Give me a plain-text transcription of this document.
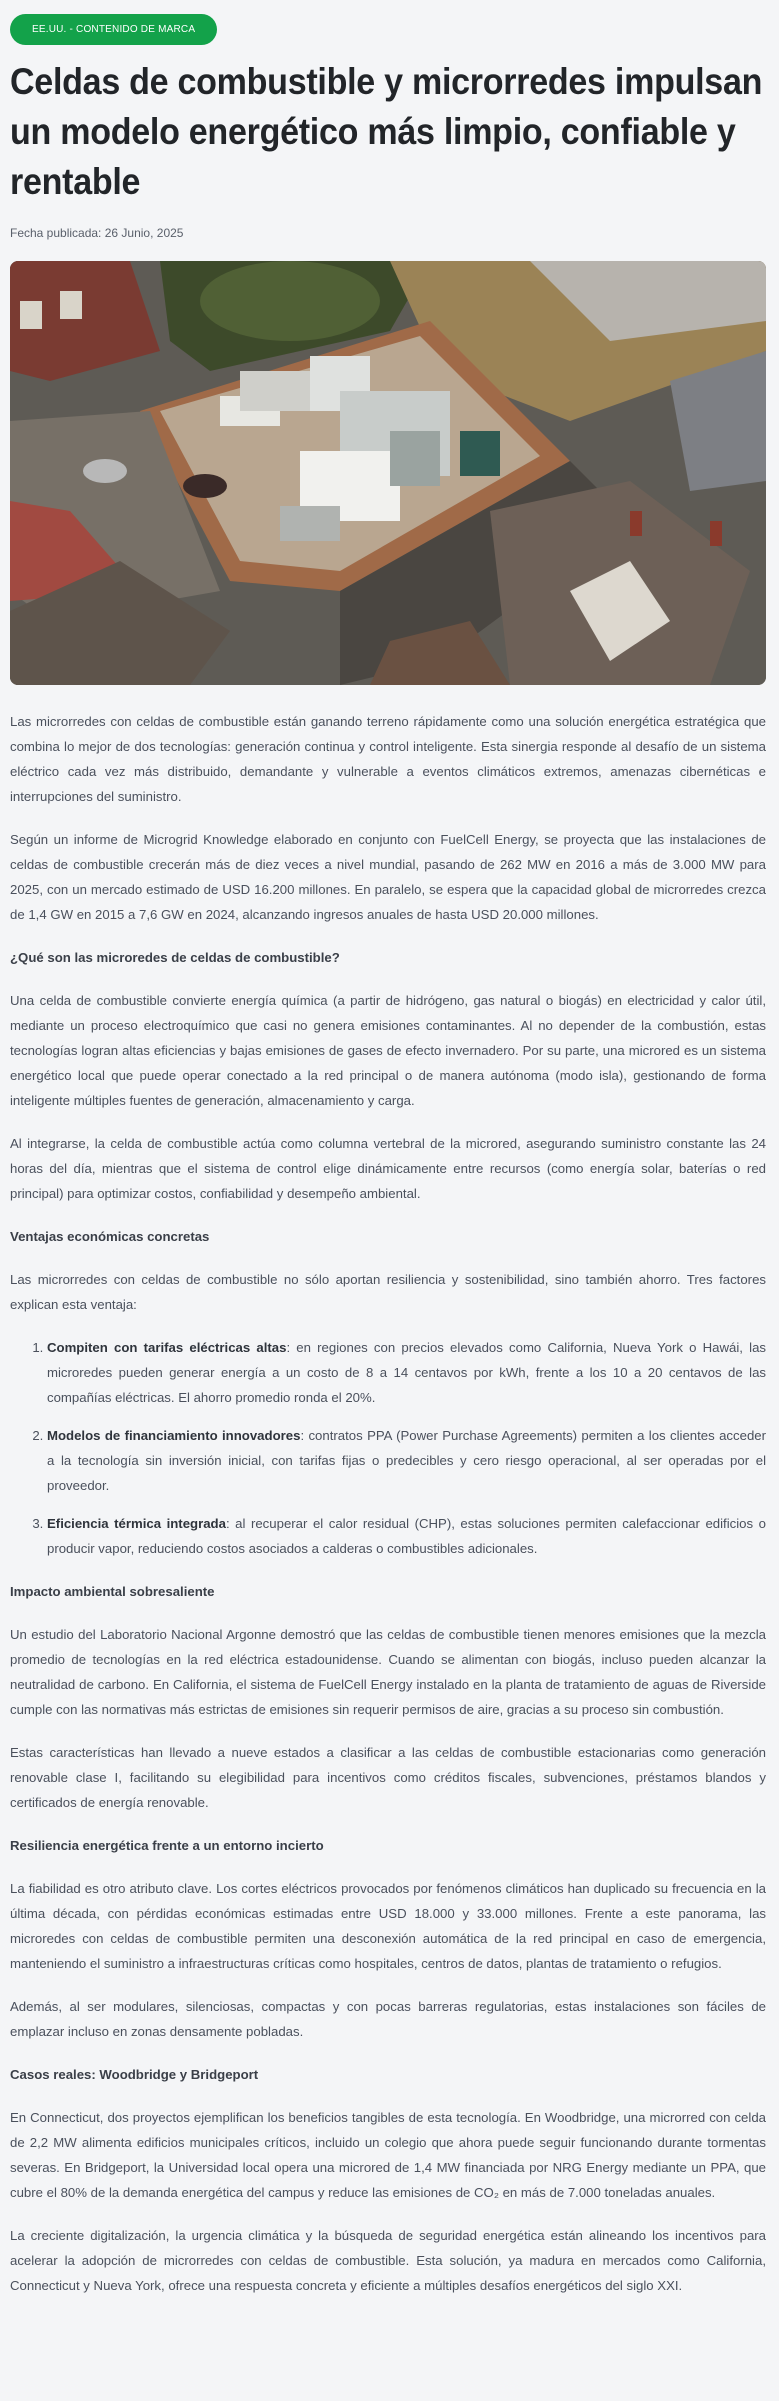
EE.UU. - CONTENIDO DE MARCA
Celdas de combustible y microrredes impulsan un modelo energético más limpio, confiable y rentable

Fecha publicada: 26 Junio, 2025

Las microrredes con celdas de combustible están ganando terreno rápidamente como una solución energética estratégica que combina lo mejor de dos tecnologías: generación continua y control inteligente. Esta sinergia responde al desafío de un sistema eléctrico cada vez más distribuido, demandante y vulnerable a eventos climáticos extremos, amenazas cibernéticas e interrupciones del suministro.

Según un informe de Microgrid Knowledge elaborado en conjunto con FuelCell Energy, se proyecta que las instalaciones de celdas de combustible crecerán más de diez veces a nivel mundial, pasando de 262 MW en 2016 a más de 3.000 MW para 2025, con un mercado estimado de USD 16.200 millones. En paralelo, se espera que la capacidad global de microrredes crezca de 1,4 GW en 2015 a 7,6 GW en 2024, alcanzando ingresos anuales de hasta USD 20.000 millones.

¿Qué son las microredes de celdas de combustible?

Una celda de combustible convierte energía química (a partir de hidrógeno, gas natural o biogás) en electricidad y calor útil, mediante un proceso electroquímico que casi no genera emisiones contaminantes. Al no depender de la combustión, estas tecnologías logran altas eficiencias y bajas emisiones de gases de efecto invernadero. Por su parte, una microred es un sistema energético local que puede operar conectado a la red principal o de manera autónoma (modo isla), gestionando de forma inteligente múltiples fuentes de generación, almacenamiento y carga.

Al integrarse, la celda de combustible actúa como columna vertebral de la microred, asegurando suministro constante las 24 horas del día, mientras que el sistema de control elige dinámicamente entre recursos (como energía solar, baterías o red principal) para optimizar costos, confiabilidad y desempeño ambiental.

Ventajas económicas concretas

Las microrredes con celdas de combustible no sólo aportan resiliencia y sostenibilidad, sino también ahorro. Tres factores explican esta ventaja:

1. Compiten con tarifas eléctricas altas: en regiones con precios elevados como California, Nueva York o Hawái, las microredes pueden generar energía a un costo de 8 a 14 centavos por kWh, frente a los 10 a 20 centavos de las compañías eléctricas. El ahorro promedio ronda el 20%.
2. Modelos de financiamiento innovadores: contratos PPA (Power Purchase Agreements) permiten a los clientes acceder a la tecnología sin inversión inicial, con tarifas fijas o predecibles y cero riesgo operacional, al ser operadas por el proveedor.
3. Eficiencia térmica integrada: al recuperar el calor residual (CHP), estas soluciones permiten calefaccionar edificios o producir vapor, reduciendo costos asociados a calderas o combustibles adicionales.
Impacto ambiental sobresaliente

Un estudio del Laboratorio Nacional Argonne demostró que las celdas de combustible tienen menores emisiones que la mezcla promedio de tecnologías en la red eléctrica estadounidense. Cuando se alimentan con biogás, incluso pueden alcanzar la neutralidad de carbono. En California, el sistema de FuelCell Energy instalado en la planta de tratamiento de aguas de Riverside cumple con las normativas más estrictas de emisiones sin requerir permisos de aire, gracias a su proceso sin combustión.

Estas características han llevado a nueve estados a clasificar a las celdas de combustible estacionarias como generación renovable clase I, facilitando su elegibilidad para incentivos como créditos fiscales, subvenciones, préstamos blandos y certificados de energía renovable.

Resiliencia energética frente a un entorno incierto

La fiabilidad es otro atributo clave. Los cortes eléctricos provocados por fenómenos climáticos han duplicado su frecuencia en la última década, con pérdidas económicas estimadas entre USD 18.000 y 33.000 millones. Frente a este panorama, las microredes con celdas de combustible permiten una desconexión automática de la red principal en caso de emergencia, manteniendo el suministro a infraestructuras críticas como hospitales, centros de datos, plantas de tratamiento o refugios.

Además, al ser modulares, silenciosas, compactas y con pocas barreras regulatorias, estas instalaciones son fáciles de emplazar incluso en zonas densamente pobladas.

Casos reales: Woodbridge y Bridgeport

En Connecticut, dos proyectos ejemplifican los beneficios tangibles de esta tecnología. En Woodbridge, una microrred con celda de 2,2 MW alimenta edificios municipales críticos, incluido un colegio que ahora puede seguir funcionando durante tormentas severas. En Bridgeport, la Universidad local opera una microred de 1,4 MW financiada por NRG Energy mediante un PPA, que cubre el 80% de la demanda energética del campus y reduce las emisiones de CO₂ en más de 7.000 toneladas anuales.

La creciente digitalización, la urgencia climática y la búsqueda de seguridad energética están alineando los incentivos para acelerar la adopción de microrredes con celdas de combustible. Esta solución, ya madura en mercados como California, Connecticut y Nueva York, ofrece una respuesta concreta y eficiente a múltiples desafíos energéticos del siglo XXI.
